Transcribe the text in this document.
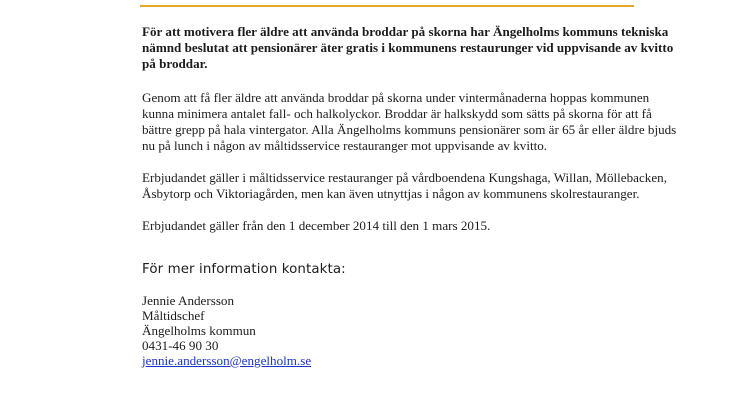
För att motivera fler äldre att använda broddar på skorna har Ängelholms kommuns tekniska nämnd beslutat att pensionärer äter gratis i kommunens restaurunger vid uppvisande av kvitto på broddar.

Genom att få fler äldre att använda broddar på skorna under vintermånaderna hoppas kommunen kunna minimera antalet fall- och halkolyckor. Broddar är halkskydd som sätts på skorna för att få bättre grepp på hala vintergator. Alla Ängelholms kommuns pensionärer som är 65 år eller äldre bjuds nu på lunch i någon av måltidsservice restauranger mot uppvisande av kvitto.

Erbjudandet gäller i måltidsservice restauranger på vårdboendena Kungshaga, Willan, Möllebacken, Åsbytorp och Viktoriagården, men kan även utnyttjas i någon av kommunens skolrestauranger.

Erbjudandet gäller från den 1 december 2014 till den 1 mars 2015.

För mer information kontakta:
Jennie Andersson
Måltidschef
Ängelholms kommun
0431-46 90 30
jennie.andersson@engelholm.se
